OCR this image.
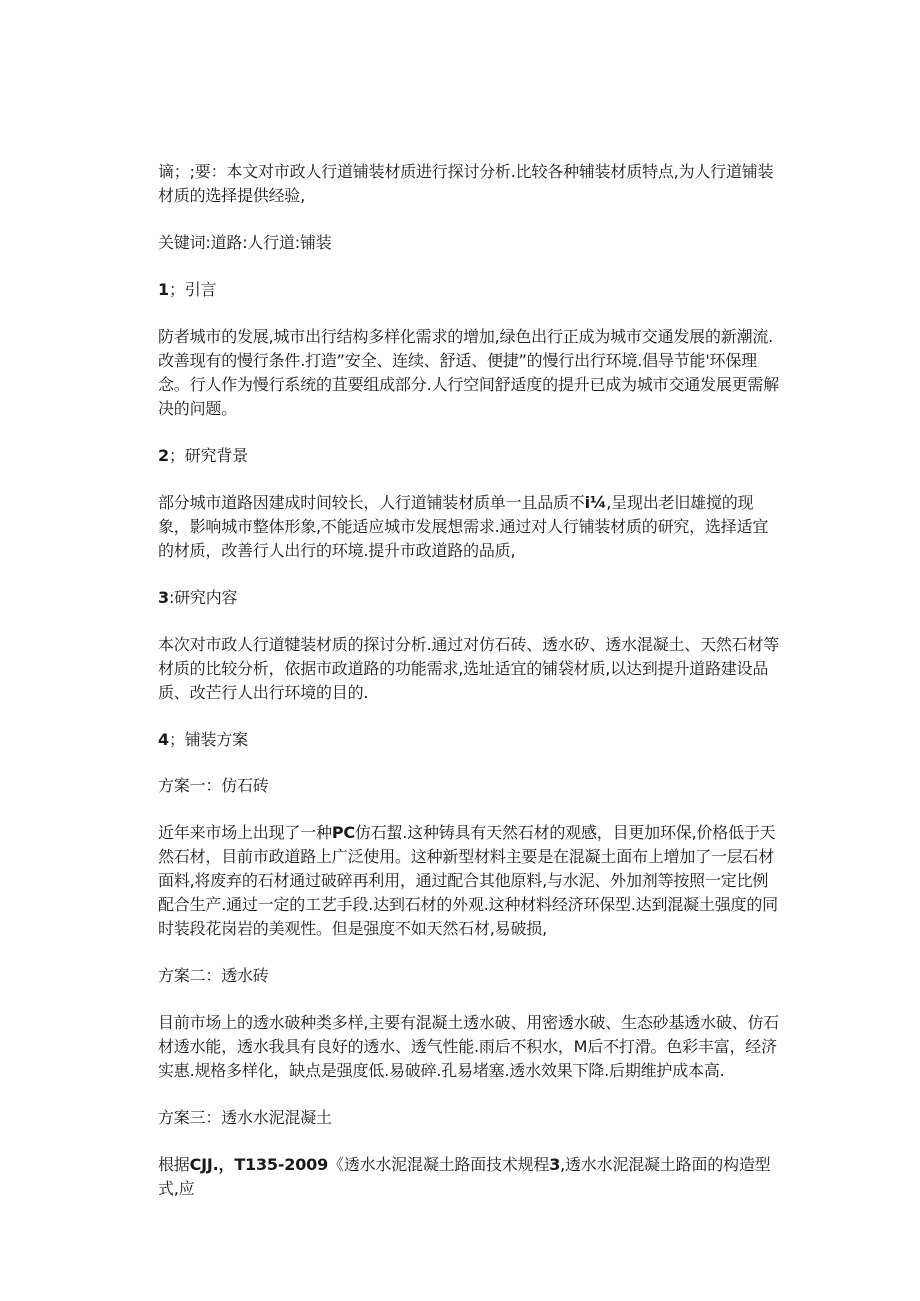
谪；;要：本文对市政人行道铺装材质进行探讨分析.比较各种辅装材质特点,为人行道铺装材质的选择提供经验,

关键词:道路:人行道:铺装

1；引言

防者城市的发展,城市出行结构多样化需求的增加,绿色出行正成为城市交通发展的新潮流.改善现有的慢行条件.打造”安全、连续、舒适、便捷”的慢行出行环境.倡导节能'环保理念。行人作为慢行系统的苴要组成部分.人行空间舒适度的提升已成为城市交通发展更需解决的问题。

2；研究背景

部分城市道路因建成时间较长，人行道铺装材质单一且品质不i¼,呈现出老旧雄搅的现象，影响城市整体形象,不能适应城市发展想需求.通过对人行铺装材质的研究，选择适宜的材质，改善行人出行的环境.提升市政道路的品质,

3:研究内容

本次对市政人行道犍装材质的探讨分析.通过对仿石砖、透水矽、透水混凝土、天然石材等材质的比较分析，依据市政道路的功能需求,选址适宜的铺袋材质,以达到提升道路建设品质、改芒行人出行环境的目的.

4；铺装方案

方案一：仿石砖

近年来市场上出现了一种PC仿石蛪.这种铸具有天然石材的观感，目更加环保,价格低于天然石材，目前市政道路上广泛使用。这种新型材料主要是在混凝土面布上增加了一层石材面料,将废弃的石材通过破碎再利用，通过配合其他原料,与水泥、外加剂等按照一定比例配合生产.通过一定的工艺手段.达到石材的外观.这种材料经济环保型.达到混凝土强度的同时装段花岗岩的美观性。但是强度不如天然石材,易破损,

方案二：透水砖

目前市场上的透水破种类多样,主要有混凝土透水破、用密透水破、生态砂基透水破、仿石材透水能，透水我具有良好的透水、透气性能.雨后不积水，M后不打滑。色彩丰富，经济实惠.规格多样化，缺点是强度低.易破碎.孔易堵塞.透水效果下降.后期维护成本高.

方案三：透水水泥混凝土

根据CJJ.，T135-2009《透水水泥混凝土路面技术规程3,透水水泥混凝土路面的构造型式,应
